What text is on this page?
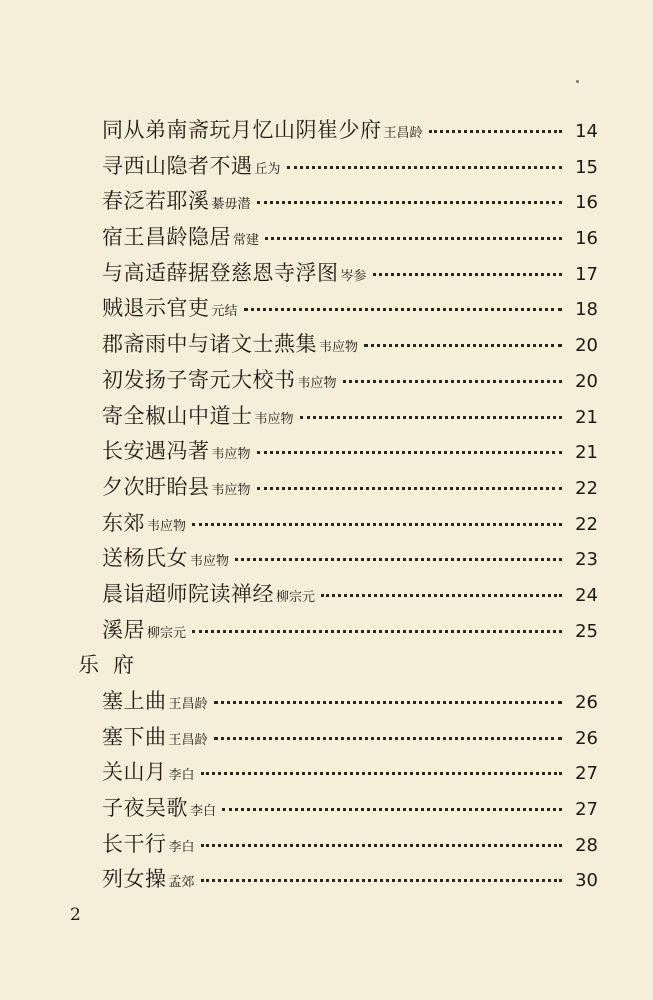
同从弟南斋玩月忆山阴崔少府 王昌龄	14
寻西山隐者不遇 丘为	15
春泛若耶溪 綦毋潜	16
宿王昌龄隐居 常建	16
与高适薛据登慈恩寺浮图 岑参	17
贼退示官吏 元结	18
郡斋雨中与诸文士燕集 韦应物	20
初发扬子寄元大校书 韦应物	20
寄全椒山中道士 韦应物	21
长安遇冯著 韦应物	21
夕次盱眙县 韦应物	22
东郊 韦应物	22
送杨氏女 韦应物	23
晨诣超师院读禅经 柳宗元	24
溪居 柳宗元	25
乐府
塞上曲 王昌龄	26
塞下曲 王昌龄	26
关山月 李白	27
子夜吴歌 李白	27
长干行 李白	28
列女操 孟郊	30
2
